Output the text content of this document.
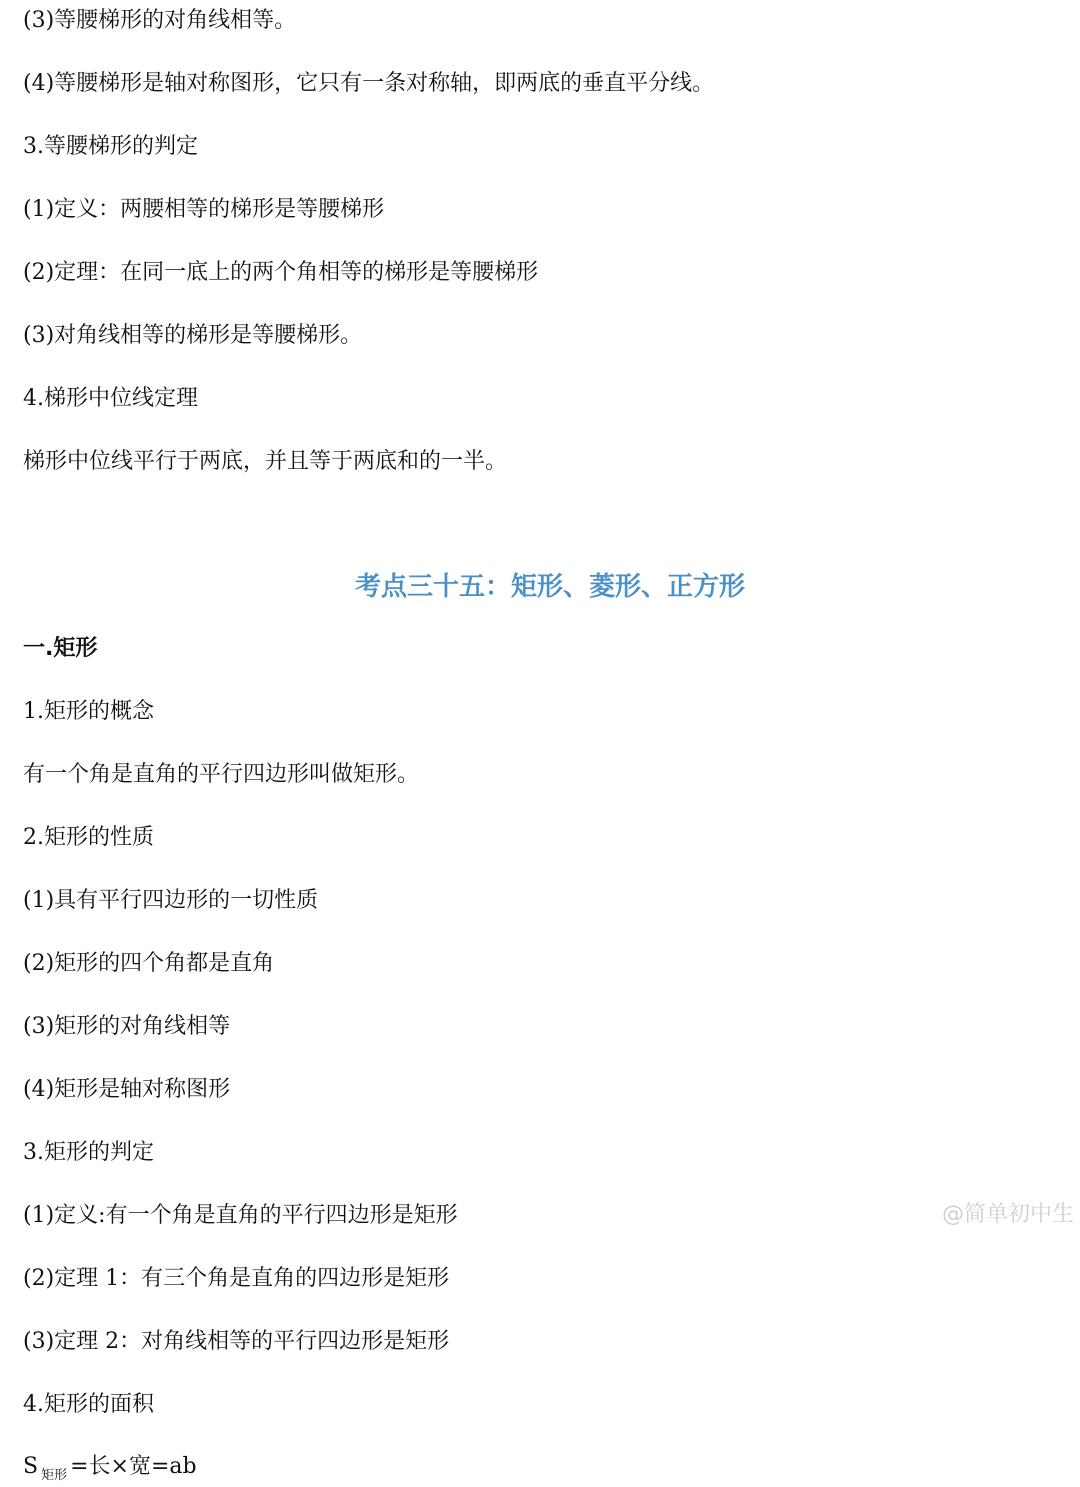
(3)等腰梯形的对角线相等。
(4)等腰梯形是轴对称图形，它只有一条对称轴，即两底的垂直平分线。
3.等腰梯形的判定
(1)定义：两腰相等的梯形是等腰梯形
(2)定理：在同一底上的两个角相等的梯形是等腰梯形
(3)对角线相等的梯形是等腰梯形。
4.梯形中位线定理
梯形中位线平行于两底，并且等于两底和的一半。
考点三十五：矩形、菱形、正方形
一.矩形
1.矩形的概念
有一个角是直角的平行四边形叫做矩形。
2.矩形的性质
(1)具有平行四边形的一切性质
(2)矩形的四个角都是直角
(3)矩形的对角线相等
(4)矩形是轴对称图形
3.矩形的判定
(1)定义:有一个角是直角的平行四边形是矩形
(2)定理 1：有三个角是直角的四边形是矩形
(3)定理 2：对角线相等的平行四边形是矩形
4.矩形的面积
S $_{矩形}$ =长×宽=ab
@简单初中生
